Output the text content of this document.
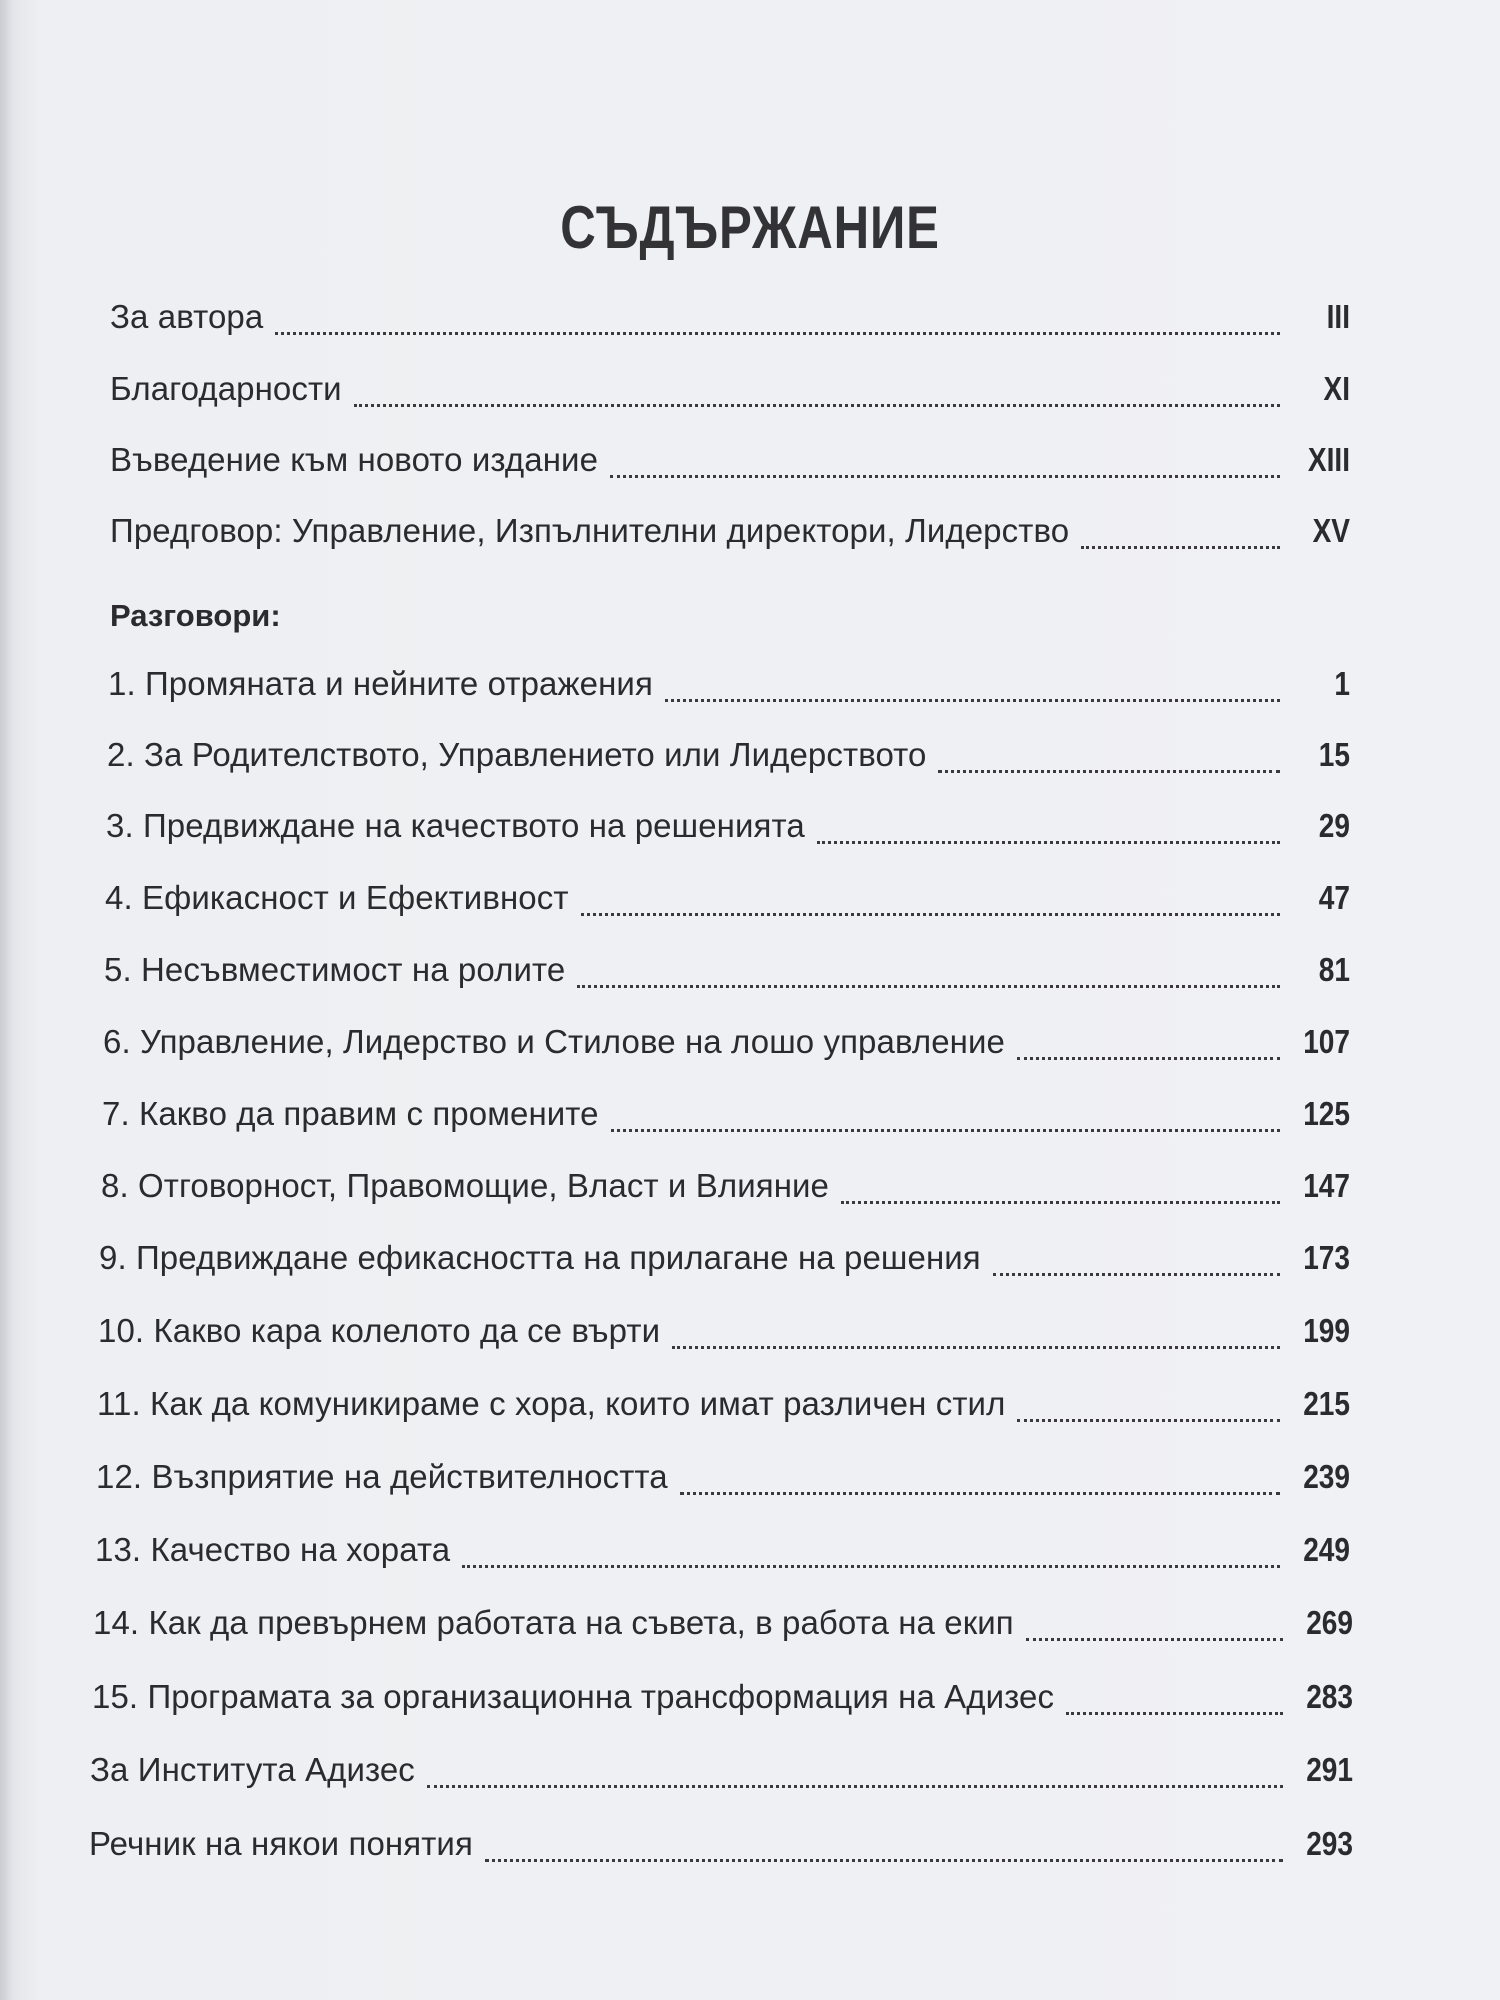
СЪДЪРЖАНИЕ
За автора	III
Благодарности	XI
Въведение към новото издание	XIII
Предговор: Управление, Изпълнителни директори, Лидерство	XV
Разговори:
1. Промяната и нейните отражения	1
2. За Родителството, Управлението или Лидерството	15
3. Предвиждане на качеството на решенията	29
4. Ефикасност и Ефективност	47
5. Несъвместимост на ролите	81
6. Управление, Лидерство и Стилове на лошо управление	107
7. Какво да правим с промените	125
8. Отговорност, Правомощие, Власт и Влияние	147
9. Предвиждане ефикасността на прилагане на решения	173
10. Какво кара колелото да се върти	199
11. Как да комуникираме с хора, които имат различен стил	215
12. Възприятие на действителността	239
13. Качество на хората	249
14. Как да превърнем работата на съвета, в работа на екип	269
15. Програмата за организационна трансформация на Адизес	283
За Института Адизес	291
Речник на някои понятия	293
